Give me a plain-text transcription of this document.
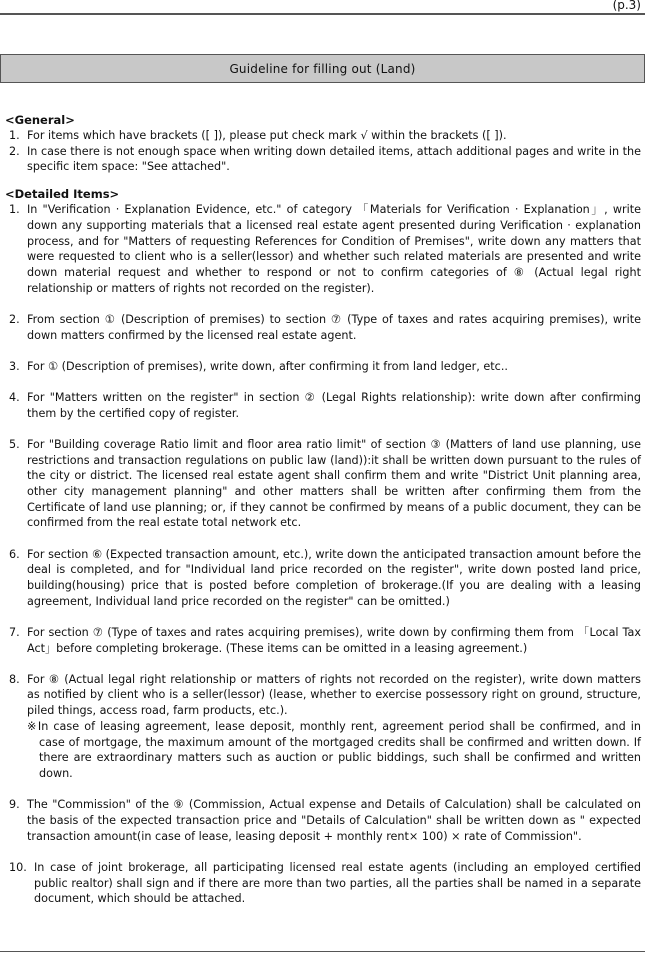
(p.3)
Guideline for filling out (Land)

<General>

1. For items which have brackets ([ ]), please put check mark √ within the brackets ([ ]).
2. In case there is not enough space when writing down detailed items, attach additional pages and write in the specific item space: "See attached".

<Detailed Items>

1. In "Verification · Explanation Evidence, etc." of category 「Materials for Verification · Explanation」, write down any supporting materials that a licensed real estate agent presented during Verification · explanation process, and for "Matters of requesting References for Condition of Premises", write down any matters that were requested to client who is a seller(lessor) and whether such related materials are presented and write down material request and whether to respond or not to confirm categories of ⑧ (Actual legal right relationship or matters of rights not recorded on the register).
2. From section ① (Description of premises) to section ⑦ (Type of taxes and rates acquiring premises), write down matters confirmed by the licensed real estate agent.
3. For ① (Description of premises), write down, after confirming it from land ledger, etc..
4. For "Matters written on the register" in section ② (Legal Rights relationship): write down after confirming them by the certified copy of register.
5. For "Building coverage Ratio limit and floor area ratio limit" of section ③ (Matters of land use planning, use restrictions and transaction regulations on public law (land)):it shall be written down pursuant to the rules of the city or district. The licensed real estate agent shall confirm them and write "District Unit planning area, other city management planning" and other matters shall be written after confirming them from the Certificate of land use planning; or, if they cannot be confirmed by means of a public document, they can be confirmed from the real estate total network etc.
6. For section ⑥ (Expected transaction amount, etc.), write down the anticipated transaction amount before the deal is completed, and for "Individual land price recorded on the register", write down posted land price, building(housing) price that is posted before completion of brokerage.(If you are dealing with a leasing agreement, Individual land price recorded on the register" can be omitted.)
7. For section ⑦ (Type of taxes and rates acquiring premises), write down by confirming them from 「Local Tax Act」before completing brokerage. (These items can be omitted in a leasing agreement.)
8. For ⑧ (Actual legal right relationship or matters of rights not recorded on the register), write down matters as notified by client who is a seller(lessor) (lease, whether to exercise possessory right on ground, structure, piled things, access road, farm products, etc.).
※In case of leasing agreement, lease deposit, monthly rent, agreement period shall be confirmed, and in case of mortgage, the maximum amount of the mortgaged credits shall be confirmed and written down. If there are extraordinary matters such as auction or public biddings, such shall be confirmed and written down.
9. The "Commission" of the ⑨ (Commission, Actual expense and Details of Calculation) shall be calculated on the basis of the expected transaction price and "Details of Calculation" shall be written down as " expected transaction amount(in case of lease, leasing deposit + monthly rent× 100) × rate of Commission".
10. In case of joint brokerage, all participating licensed real estate agents (including an employed certified public realtor) shall sign and if there are more than two parties, all the parties shall be named in a separate document, which should be attached.
